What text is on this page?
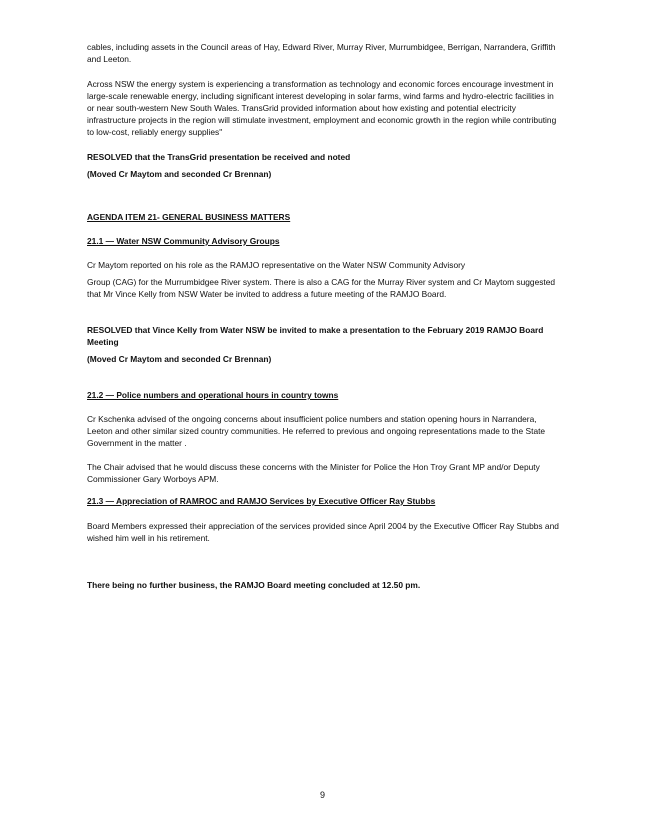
cables, including assets in the Council areas of Hay, Edward River, Murray River, Murrumbidgee, Berrigan, Narrandera, Griffith and Leeton.

Across NSW the energy system is experiencing a transformation as technology and economic forces encourage investment in large-scale renewable energy, including significant interest developing in solar farms, wind farms and hydro-electric facilities in or near south-western New South Wales. TransGrid provided information about how existing and potential electricity infrastructure projects in the region will stimulate investment, employment and economic growth in the region while contributing to low-cost, reliably energy supplies"

RESOLVED that the TransGrid presentation be received and noted

(Moved Cr Maytom and seconded Cr Brennan)

AGENDA ITEM 21- GENERAL BUSINESS MATTERS

21.1 — Water NSW Community Advisory Groups

Cr Maytom reported on his role as the RAMJO representative on the Water NSW Community Advisory

Group (CAG) for the Murrumbidgee River system. There is also a CAG for the Murray River system and Cr Maytom suggested that Mr Vince Kelly from NSW Water be invited to address a future meeting of the RAMJO Board.

RESOLVED that Vince Kelly from Water NSW be invited to make a presentation to the February 2019 RAMJO Board Meeting

(Moved Cr Maytom and seconded Cr Brennan)

21.2 — Police numbers and operational hours in country towns

Cr Kschenka advised of the ongoing concerns about insufficient police numbers and station opening hours in Narrandera, Leeton and other similar sized country communities. He referred to previous and ongoing representations made to the State Government in the matter .

The Chair advised that he would discuss these concerns with the Minister for Police the Hon Troy Grant MP and/or Deputy Commissioner Gary Worboys APM.

21.3 — Appreciation of RAMROC and RAMJO Services by Executive Officer Ray Stubbs

Board Members expressed their appreciation of the services provided since April 2004 by the Executive Officer Ray Stubbs and wished him well in his retirement.

There being no further business, the RAMJO Board meeting concluded at 12.50 pm.

9
